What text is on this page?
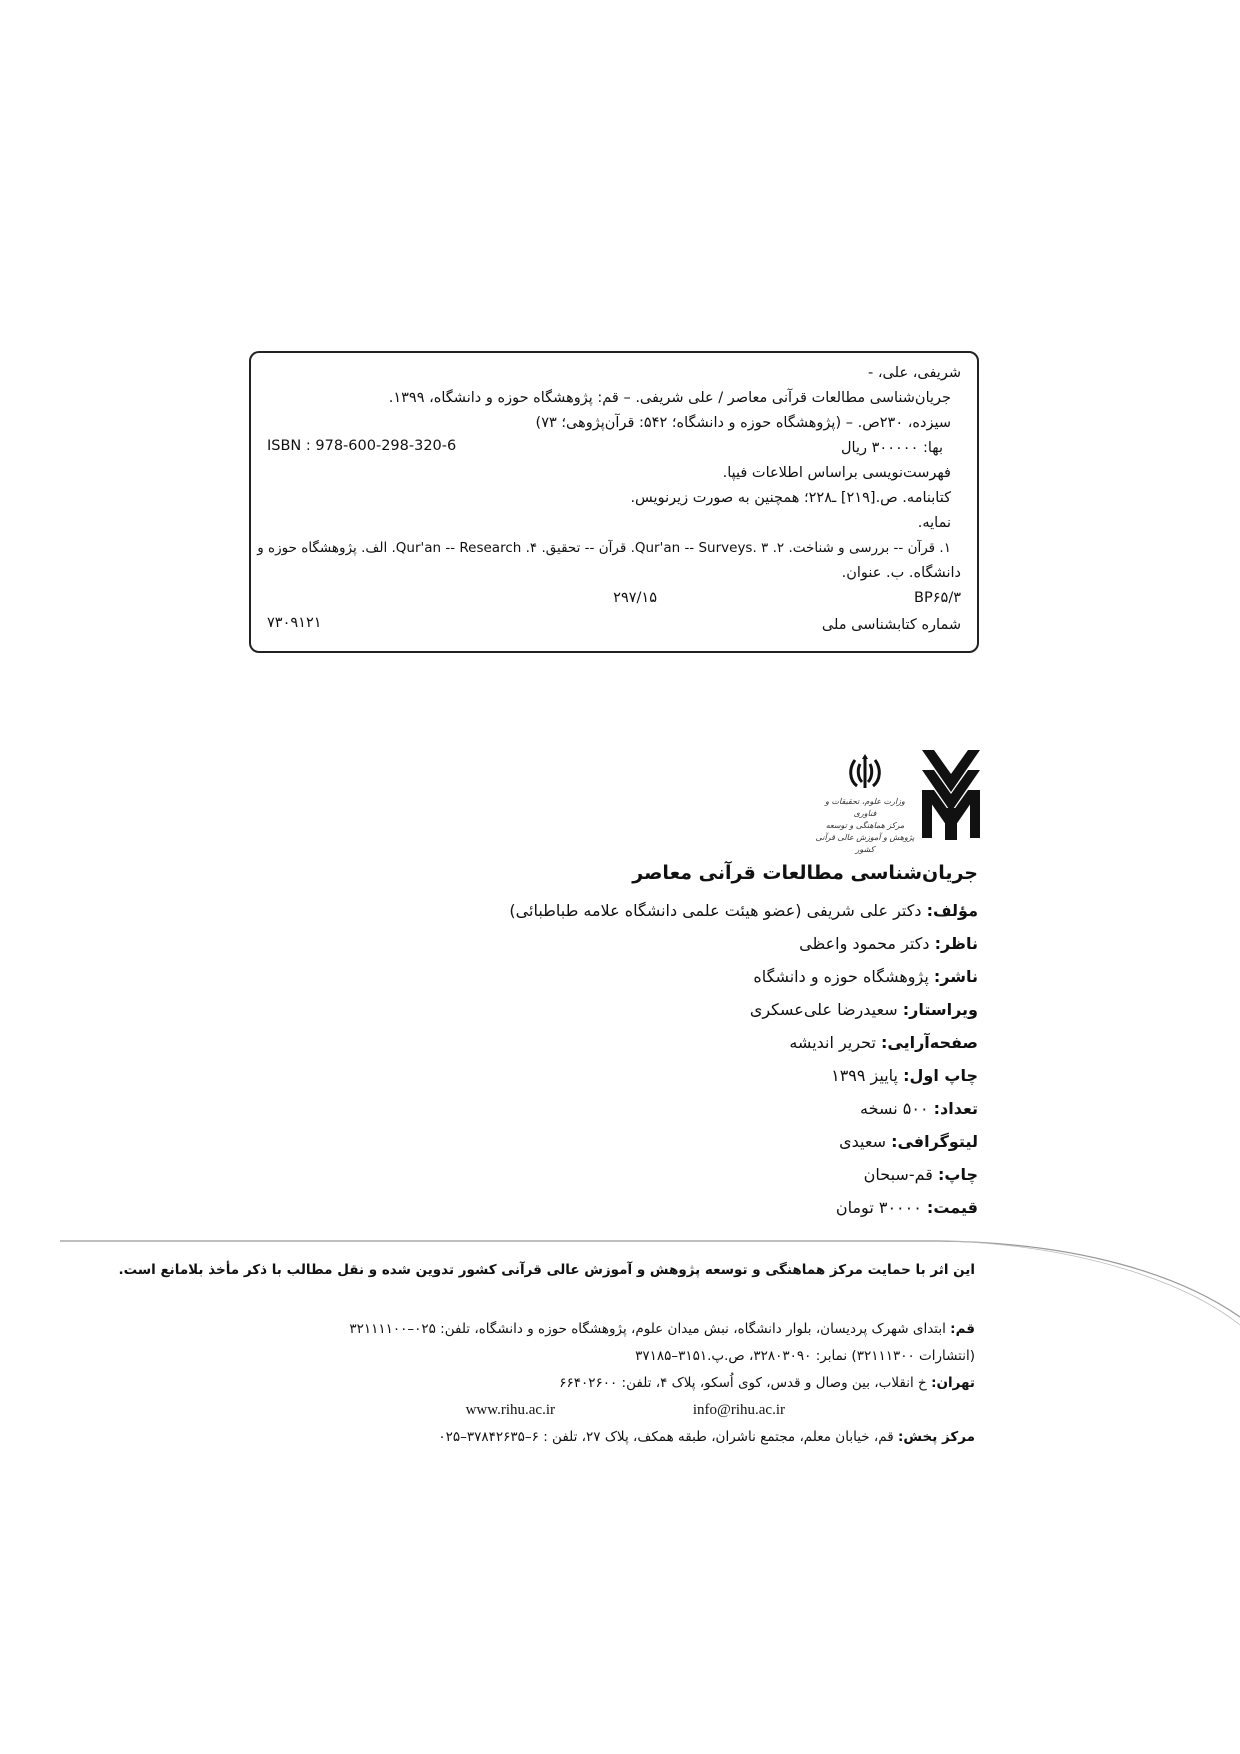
شریفی، علی، -
جریان‌شناسی مطالعات قرآنی معاصر / علی شریفی. – قم: پژوهشگاه حوزه و دانشگاه، ۱۳۹۹.
سیزده، ۲۳۰ص. – (پژوهشگاه حوزه و دانشگاه؛ ۵۴۲: قرآن‌پژوهی؛ ۷۳)
بها: ۳۰۰۰۰۰ ریال
ISBN : 978-600-298-320-6
فهرست‌نویسی براساس اطلاعات فیپا.
کتابنامه. ص.[۲۱۹] ـ۲۲۸؛ همچنین به صورت زیرنویس.
نمایه.
۱. قرآن -- بررسی و شناخت. ۲. Qur'an -- Surveys. ۳. قرآن -- تحقیق. ۴. Qur'an -- Research. الف. پژوهشگاه حوزه و
دانشگاه. ب. عنوان.
BP۶۵/۳
۲۹۷/۱۵
شماره کتابشناسی ملی
۷۳۰۹۱۲۱
وزارت علوم، تحقیقات و فناوری
مرکز هماهنگی و توسعه پژوهش و آموزش عالی قرآنی کشور
جریان‌شناسی مطالعات قرآنی معاصر
مؤلف: دکتر علی شریفی (عضو هیئت علمی دانشگاه علامه طباطبائی)
ناظر: دکتر محمود واعظی
ناشر: پژوهشگاه حوزه و دانشگاه
ویراستار: سعیدرضا علی‌عسکری
صفحه‌آرایی: تحریر اندیشه
چاپ اول: پاییز ۱۳۹۹
تعداد: ۵۰۰ نسخه
لیتوگرافی: سعیدی
چاپ: قم-سبحان
قیمت: ۳۰۰۰۰ تومان
این اثر با حمایت مرکز هماهنگی و توسعه پژوهش و آموزش عالی قرآنی کشور تدوین شده و نقل مطالب با ذکر مأخذ بلامانع است.
قم: ابتدای شهرک پردیسان، بلوار دانشگاه، نبش میدان علوم، پژوهشگاه حوزه و دانشگاه، تلفن: ۰۲۵–۳۲۱۱۱۱۰۰
(انتشارات ۳۲۱۱۱۳۰۰) نمابر: ۳۲۸۰۳۰۹۰، ص.پ.۳۱۵۱–۳۷۱۸۵
تهران: خ انقلاب، بین وصال و قدس، کوی اُسکو، پلاک ۴، تلفن: ۶۶۴۰۲۶۰۰
info@rihu.ac.ir
www.rihu.ac.ir
مرکز پخش: قم، خیابان معلم، مجتمع ناشران، طبقه همکف، پلاک ۲۷، تلفن : ۶–۳۷۸۴۲۶۳۵–۰۲۵
